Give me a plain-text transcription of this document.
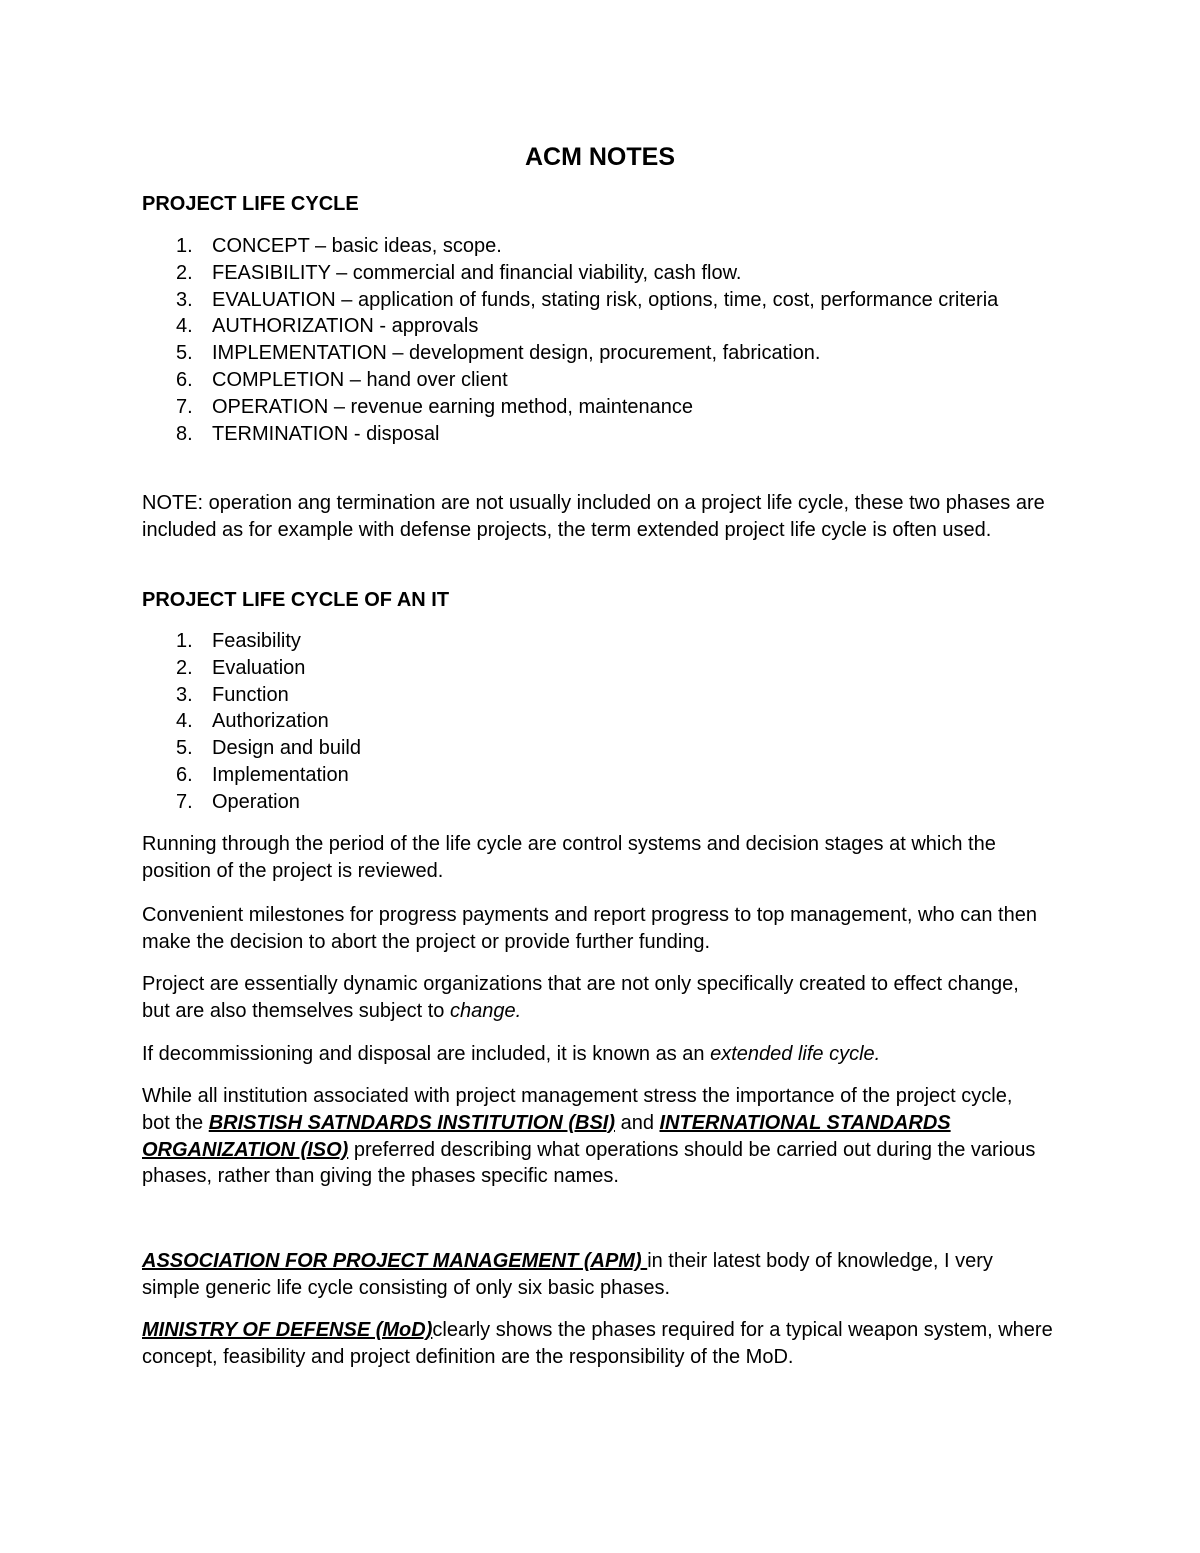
ACM NOTES
PROJECT LIFE CYCLE
1. CONCEPT – basic ideas, scope.
2. FEASIBILITY – commercial and financial viability, cash flow.
3. EVALUATION – application of funds, stating risk, options, time, cost, performance criteria
4. AUTHORIZATION - approvals
5. IMPLEMENTATION – development design, procurement, fabrication.
6. COMPLETION – hand over client
7. OPERATION – revenue earning method, maintenance
8. TERMINATION - disposal

NOTE: operation ang termination are not usually included on a project life cycle, these two phases are included as for example with defense projects, the term extended project life cycle is often used.

PROJECT LIFE CYCLE OF AN IT
1. Feasibility
2. Evaluation
3. Function
4. Authorization
5. Design and build
6. Implementation
7. Operation

Running through the period of the life cycle are control systems and decision stages at which the position of the project is reviewed.

Convenient milestones for progress payments and report progress to top management, who can then make the decision to abort the project or provide further funding.

Project are essentially dynamic organizations that are not only specifically created to effect change, but are also themselves subject to change.

If decommissioning and disposal are included, it is known as an extended life cycle.

While all institution associated with project management stress the importance of the project cycle, bot the BRISTISH SATNDARDS INSTITUTION (BSI) and INTERNATIONAL STANDARDS ORGANIZATION (ISO) preferred describing what operations should be carried out during the various phases, rather than giving the phases specific names.

ASSOCIATION FOR PROJECT MANAGEMENT (APM) in their latest body of knowledge, I very simple generic life cycle consisting of only six basic phases.

MINISTRY OF DEFENSE (MoD)clearly shows the phases required for a typical weapon system, where concept, feasibility and project definition are the responsibility of the MoD.
